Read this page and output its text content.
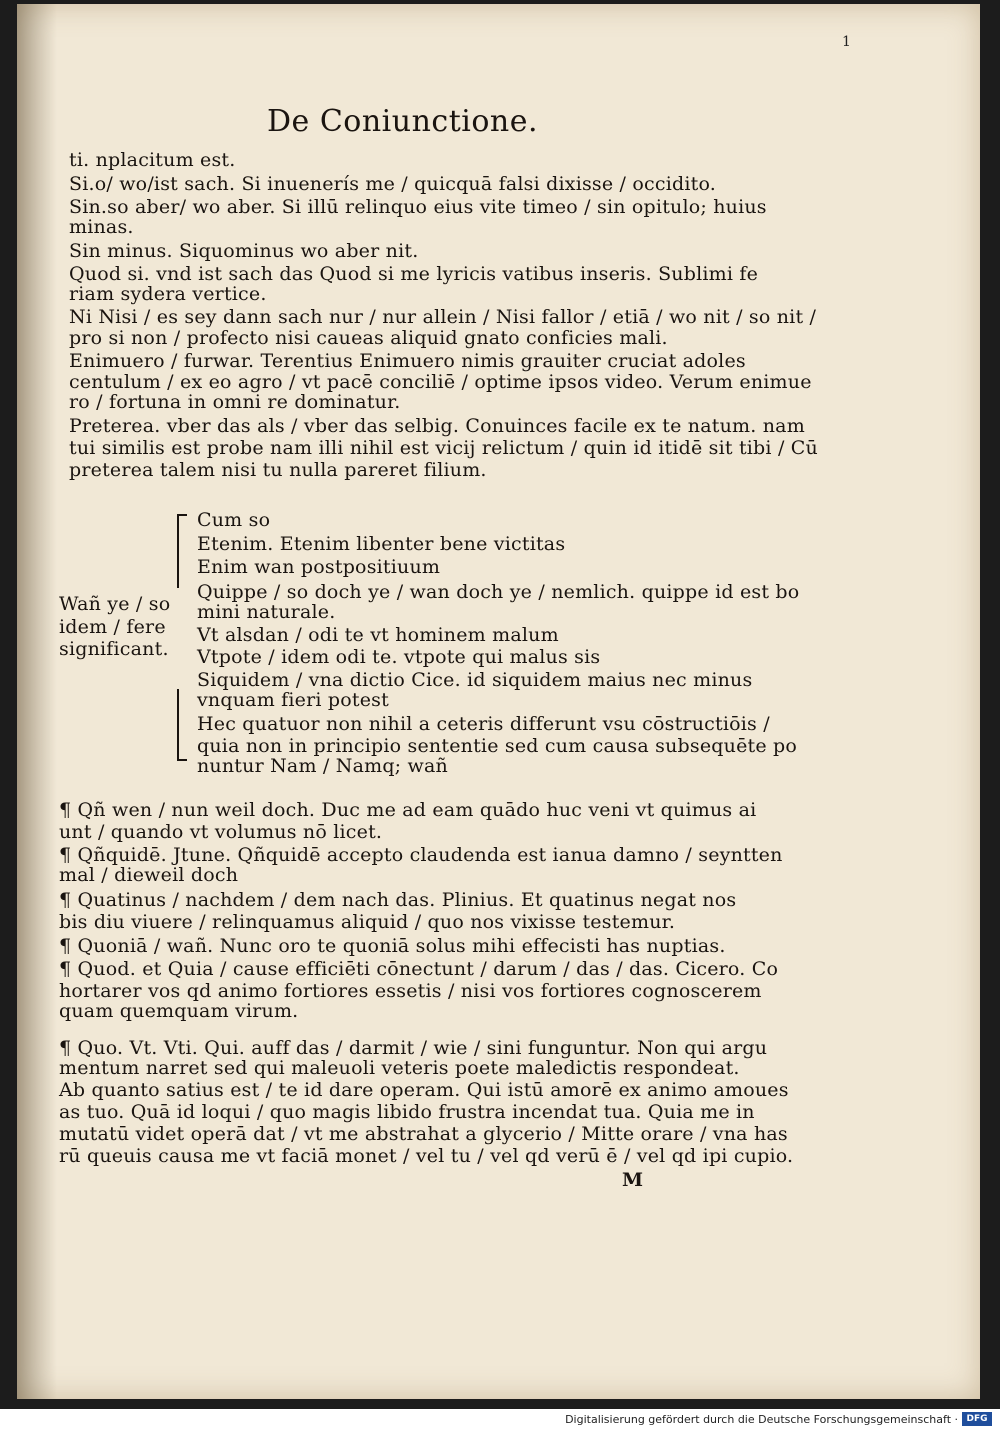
1
De Coniunctione.
ti. nplacitum est.
Si.o/ wo/ist sach. Si inuenerís me / quicquā falsi dixisse / occidito.
Sin.so aber/ wo aber. Si illū relinquo eius vite timeo / sin opitulo; huius
minas.
Sin minus. Siquominus wo aber nit.
Quod si. vnd ist sach das Quod si me lyricis vatibus inseris. Sublimi fe
riam sydera vertice.
Ni Nisi / es sey dann sach nur / nur allein / Nisi fallor / etiā / wo nit / so nit /
pro si non / profecto nisi caueas aliquid gnato conficies mali.
Enimuero / furwar. Terentius Enimuero nimis grauiter cruciat adoles
centulum / ex eo agro / vt pacē conciliē / optime ipsos video. Verum enimue
ro / fortuna in omni re dominatur.
Preterea. vber das als / vber das selbig. Conuinces facile ex te natum. nam
tui similis est probe nam illi nihil est vicij relictum / quin id itidē sit tibi / Cū
preterea talem nisi tu nulla pareret filium.
Wañ ye / so
idem / fere
significant.
Cum so
Etenim. Etenim libenter bene victitas
Enim wan postpositiuum
Quippe / so doch ye / wan doch ye / nemlich. quippe id est bo
mini naturale.
Vt alsdan / odi te vt hominem malum
Vtpote / idem odi te. vtpote qui malus sis
Siquidem / vna dictio Cice. id siquidem maius nec minus
vnquam fieri potest
Hec quatuor non nihil a ceteris differunt vsu cōstructiōis /
quia non in principio sententie sed cum causa subsequēte po
nuntur Nam / Namq; wañ
¶ Qñ wen / nun weil doch. Duc me ad eam quādo huc veni vt quimus ai
unt / quando vt volumus nō licet.
¶ Qñquidē. Jtune. Qñquidē accepto claudenda est ianua damno / seyntten
mal / dieweil doch
¶ Quatinus / nachdem / dem nach das. Plinius. Et quatinus negat nos
bis diu viuere / relinquamus aliquid / quo nos vixisse testemur.
¶ Quoniā / wañ. Nunc oro te quoniā solus mihi effecisti has nuptias.
¶ Quod. et Quia / cause efficiēti cōnectunt / darum / das / das. Cicero. Co
hortarer vos qd animo fortiores essetis / nisi vos fortiores cognoscerem
quam quemquam virum.
¶ Quo. Vt. Vti. Qui. auff das / darmit / wie / sini funguntur. Non qui argu
mentum narret sed qui maleuoli veteris poete maledictis respondeat.
Ab quanto satius est / te id dare operam. Qui istū amorē ex animo amoues
as tuo. Quā id loqui / quo magis libido frustra incendat tua. Quia me in
mutatū videt operā dat / vt me abstrahat a glycerio / Mitte orare / vna has
rū queuis causa me vt faciā monet / vel tu / vel qd verū ē / vel qd ipi cupio.
M
Digitalisierung gefördert durch die Deutsche Forschungsgemeinschaft · DFG
